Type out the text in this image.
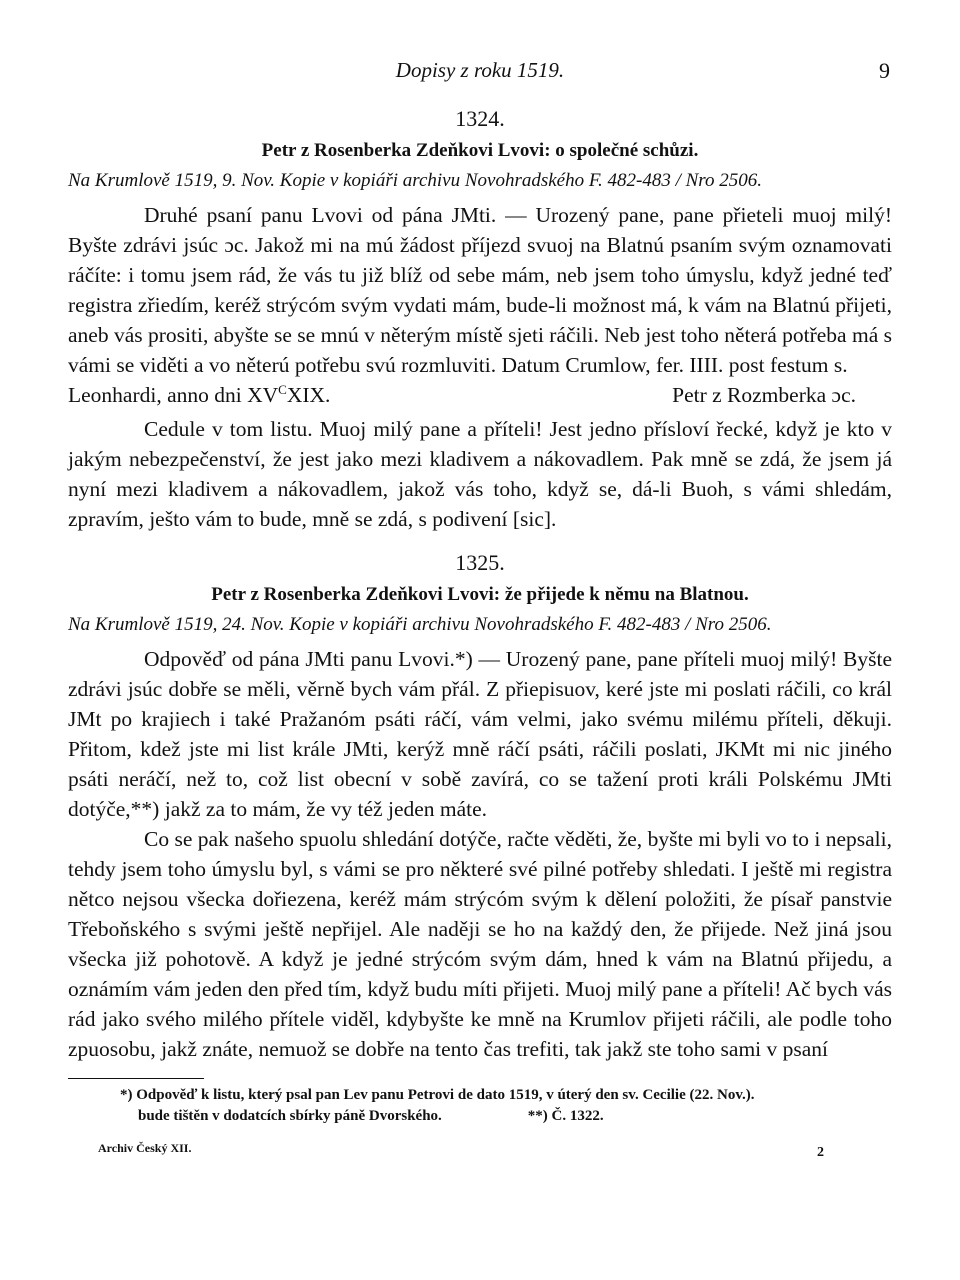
Dopisy z roku 1519.	9
1324.
Petr z Rosenberka Zdeňkovi Lvovi: o společné schůzi.
Na Krumlově 1519, 9. Nov. Kopie v kopiáři archivu Novohradského F. 482-483 / Nro 2506.

Druhé psaní panu Lvovi od pána JMti. — Urozený pane, pane přieteli muoj milý! Byšte zdrávi jsúc ɔc. Jakož mi na mú žádost příjezd svuoj na Blatnú psaním svým oznamovati ráčíte: i tomu jsem rád, že vás tu již blíž od sebe mám, neb jsem toho úmyslu, když jedné teď registra zřiedím, keréž strýcóm svým vydati mám, bude-li možnost má, k vám na Blatnú přijeti, aneb vás prositi, abyšte se se mnú v něterým místě sjeti ráčili. Neb jest toho něterá potřeba má s vámi se viděti a vo něterú potřebu svú rozmluviti. Datum Crumlow, fer. IIII. post festum s.

Leonhardi, anno dni $XV^CXIX$.	Petr z Rozmberka ɔc.

Cedule v tom listu. Muoj milý pane a příteli! Jest jedno přísloví řecké, když je kto v jakým nebezpečenství, že jest jako mezi kladivem a nákovadlem. Pak mně se zdá, že jsem já nyní mezi kladivem a nákovadlem, jakož vás toho, když se, dá-li Buoh, s vámi shledám, zpravím, ješto vám to bude, mně se zdá, s podivení [sic].

1325.
Petr z Rosenberka Zdeňkovi Lvovi: že přijede k němu na Blatnou.
Na Krumlově 1519, 24. Nov. Kopie v kopiáři archivu Novohradského F. 482-483 / Nro 2506.

Odpověď od pána JMti panu Lvovi.*) — Urozený pane, pane příteli muoj milý! Byšte zdrávi jsúc dobře se měli, věrně bych vám přál. Z přiepisuov, keré jste mi poslati ráčili, co král JMt po krajiech i také Pražanóm psáti ráčí, vám velmi, jako svému milému příteli, děkuji. Přitom, kdež jste mi list krále JMti, kerýž mně ráčí psáti, ráčili poslati, JKMt mi nic jiného psáti neráčí, než to, což list obecní v sobě zavírá, co se tažení proti králi Polskému JMti dotýče,**) jakž za to mám, že vy též jeden máte.

Co se pak našeho spuolu shledání dotýče, račte věděti, že, byšte mi byli vo to i nepsali, tehdy jsem toho úmyslu byl, s vámi se pro některé své pilné potřeby shledati. I ještě mi registra nětco nejsou všecka dořiezena, keréž mám strýcóm svým k dělení položiti, že písař panstvie Třeboňského s svými ještě nepřijel. Ale naději se ho na každý den, že přijede. Než jiná jsou všecka již pohotově. A když je jedné strýcóm svým dám, hned k vám na Blatnú přijedu, a oznámím vám jeden den před tím, když budu míti přijeti. Muoj milý pane a příteli! Ač bych vás rád jako svého milého přítele viděl, kdybyšte ke mně na Krumlov přijeti ráčili, ale podle toho zpuosobu, jakž znáte, nemuož se dobře na tento čas trefiti, tak jakž ste toho sami v psaní

*) Odpověď k listu, který psal pan Lev panu Petrovi de dato 1519, v úterý den sv. Cecilie (22. Nov.).

bude tištěn v dodatcích sbírky páně Dvorského.	**) Č. 1322.
Archiv Český XII.	2
